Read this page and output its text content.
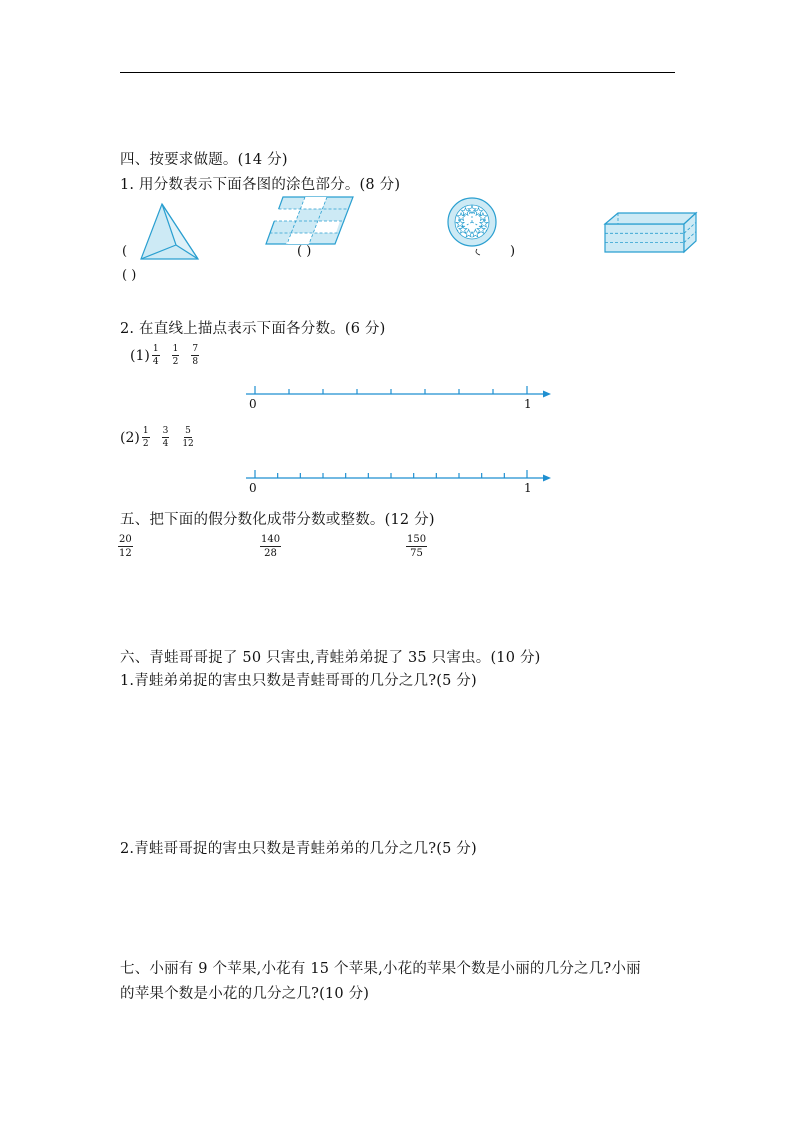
四、按要求做题。(14 分)
1. 用分数表示下面各图的涂色部分。(8 分)
(
( )
( )	)
2. 在直线上描点表示下面各分数。(6 分)
$(1) \frac{1}{4} \frac{1}{2} \frac{7}{8}$
0	1
$(2) \frac{1}{2} \frac{3}{4} \frac{5}{12}$
0	1
五、把下面的假分数化成带分数或整数。(12 分)
$\frac{20}{12}$	$\frac{140}{28}$	$\frac{150}{75}$
六、青蛙哥哥捉了 50 只害虫,青蛙弟弟捉了 35 只害虫。(10 分)
1.青蛙弟弟捉的害虫只数是青蛙哥哥的几分之几?(5 分)
2.青蛙哥哥捉的害虫只数是青蛙弟弟的几分之几?(5 分)
七、小丽有 9 个苹果,小花有 15 个苹果,小花的苹果个数是小丽的几分之几?小丽
的苹果个数是小花的几分之几?(10 分)
